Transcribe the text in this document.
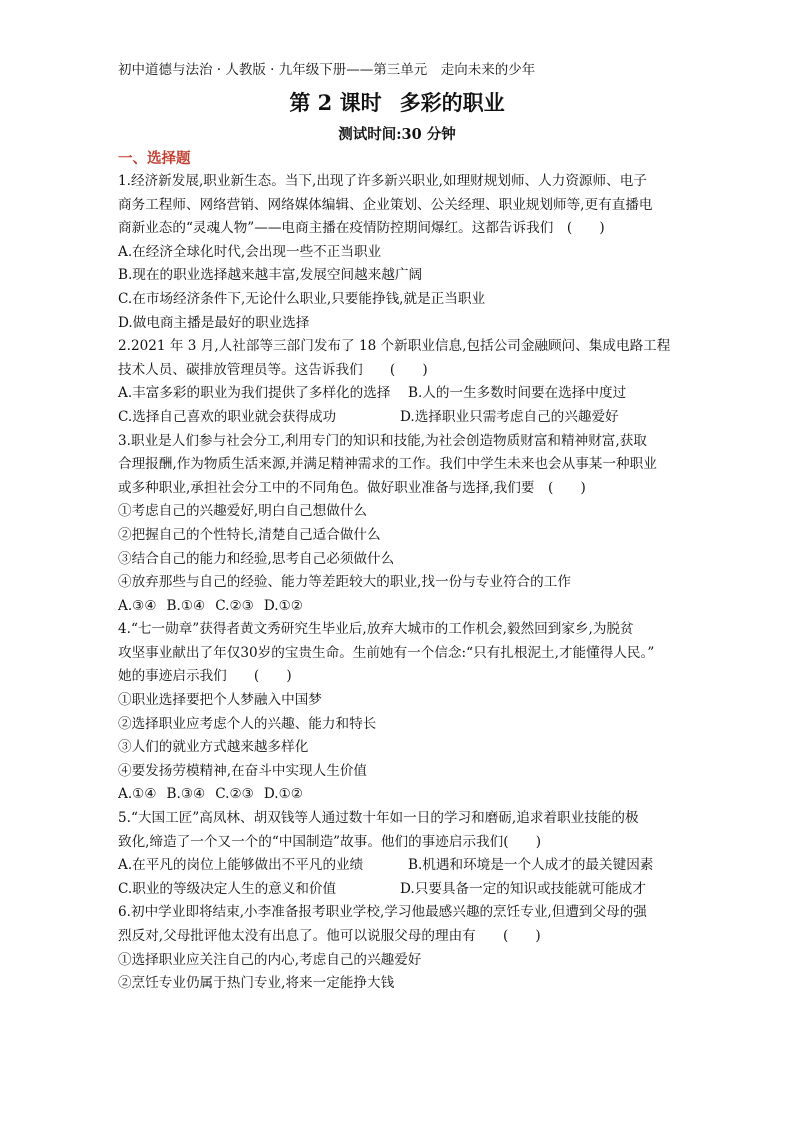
初中道德与法治 · 人教版 · 九年级下册——第三单元　走向未来的少年
第 2 课时 多彩的职业
测试时间:30 分钟
一、选择题
1.经济新发展,职业新生态。当下,出现了许多新兴职业,如理财规划师、人力资源师、电子
商务工程师、网络营销、网络媒体编辑、企业策划、公关经理、职业规划师等,更有直播电
商新业态的“灵魂人物”——电商主播在疫情防控期间爆红。这都告诉我们　(　　)
A.在经济全球化时代,会出现一些不正当职业
B.现在的职业选择越来越丰富,发展空间越来越广阔
C.在市场经济条件下,无论什么职业,只要能挣钱,就是正当职业
D.做电商主播是最好的职业选择
2.2021 年 3 月,人社部等三部门发布了 18 个新职业信息,包括公司金融顾问、集成电路工程
技术人员、碳排放管理员等。这告诉我们　　(　　)
A.丰富多彩的职业为我们提供了多样化的选择	B.人的一生多数时间要在选择中度过
C.选择自己喜欢的职业就会获得成功	D.选择职业只需考虑自己的兴趣爱好
3.职业是人们参与社会分工,利用专门的知识和技能,为社会创造物质财富和精神财富,获取
合理报酬,作为物质生活来源,并满足精神需求的工作。我们中学生未来也会从事某一种职业
或多种职业,承担社会分工中的不同角色。做好职业准备与选择,我们要　(　　)
①考虑自己的兴趣爱好,明白自己想做什么
②把握自己的个性特长,清楚自己适合做什么
③结合自己的能力和经验,思考自己必须做什么
④放弃那些与自己的经验、能力等差距较大的职业,找一份与专业符合的工作
A.③④ B.①④ C.②③ D.①②
4.“七一勋章”获得者黄文秀研究生毕业后,放弃大城市的工作机会,毅然回到家乡,为脱贫
攻坚事业献出了年仅30岁的宝贵生命。生前她有一个信念:“只有扎根泥土,才能懂得人民。”
她的事迹启示我们　　(　　)
①职业选择要把个人梦融入中国梦
②选择职业应考虑个人的兴趣、能力和特长
③人们的就业方式越来越多样化
④要发扬劳模精神,在奋斗中实现人生价值
A.①④ B.③④ C.②③ D.①②
5.“大国工匠”高凤林、胡双钱等人通过数十年如一日的学习和磨砺,追求着职业技能的极
致化,缔造了一个又一个的“中国制造”故事。他们的事迹启示我们(　　)
A.在平凡的岗位上能够做出不平凡的业绩	B.机遇和环境是一个人成才的最关键因素
C.职业的等级决定人生的意义和价值	D.只要具备一定的知识或技能就可能成才
6.初中学业即将结束,小李准备报考职业学校,学习他最感兴趣的烹饪专业,但遭到父母的强
烈反对,父母批评他太没有出息了。他可以说服父母的理由有　　(　　)
①选择职业应关注自己的内心,考虑自己的兴趣爱好
②烹饪专业仍属于热门专业,将来一定能挣大钱
